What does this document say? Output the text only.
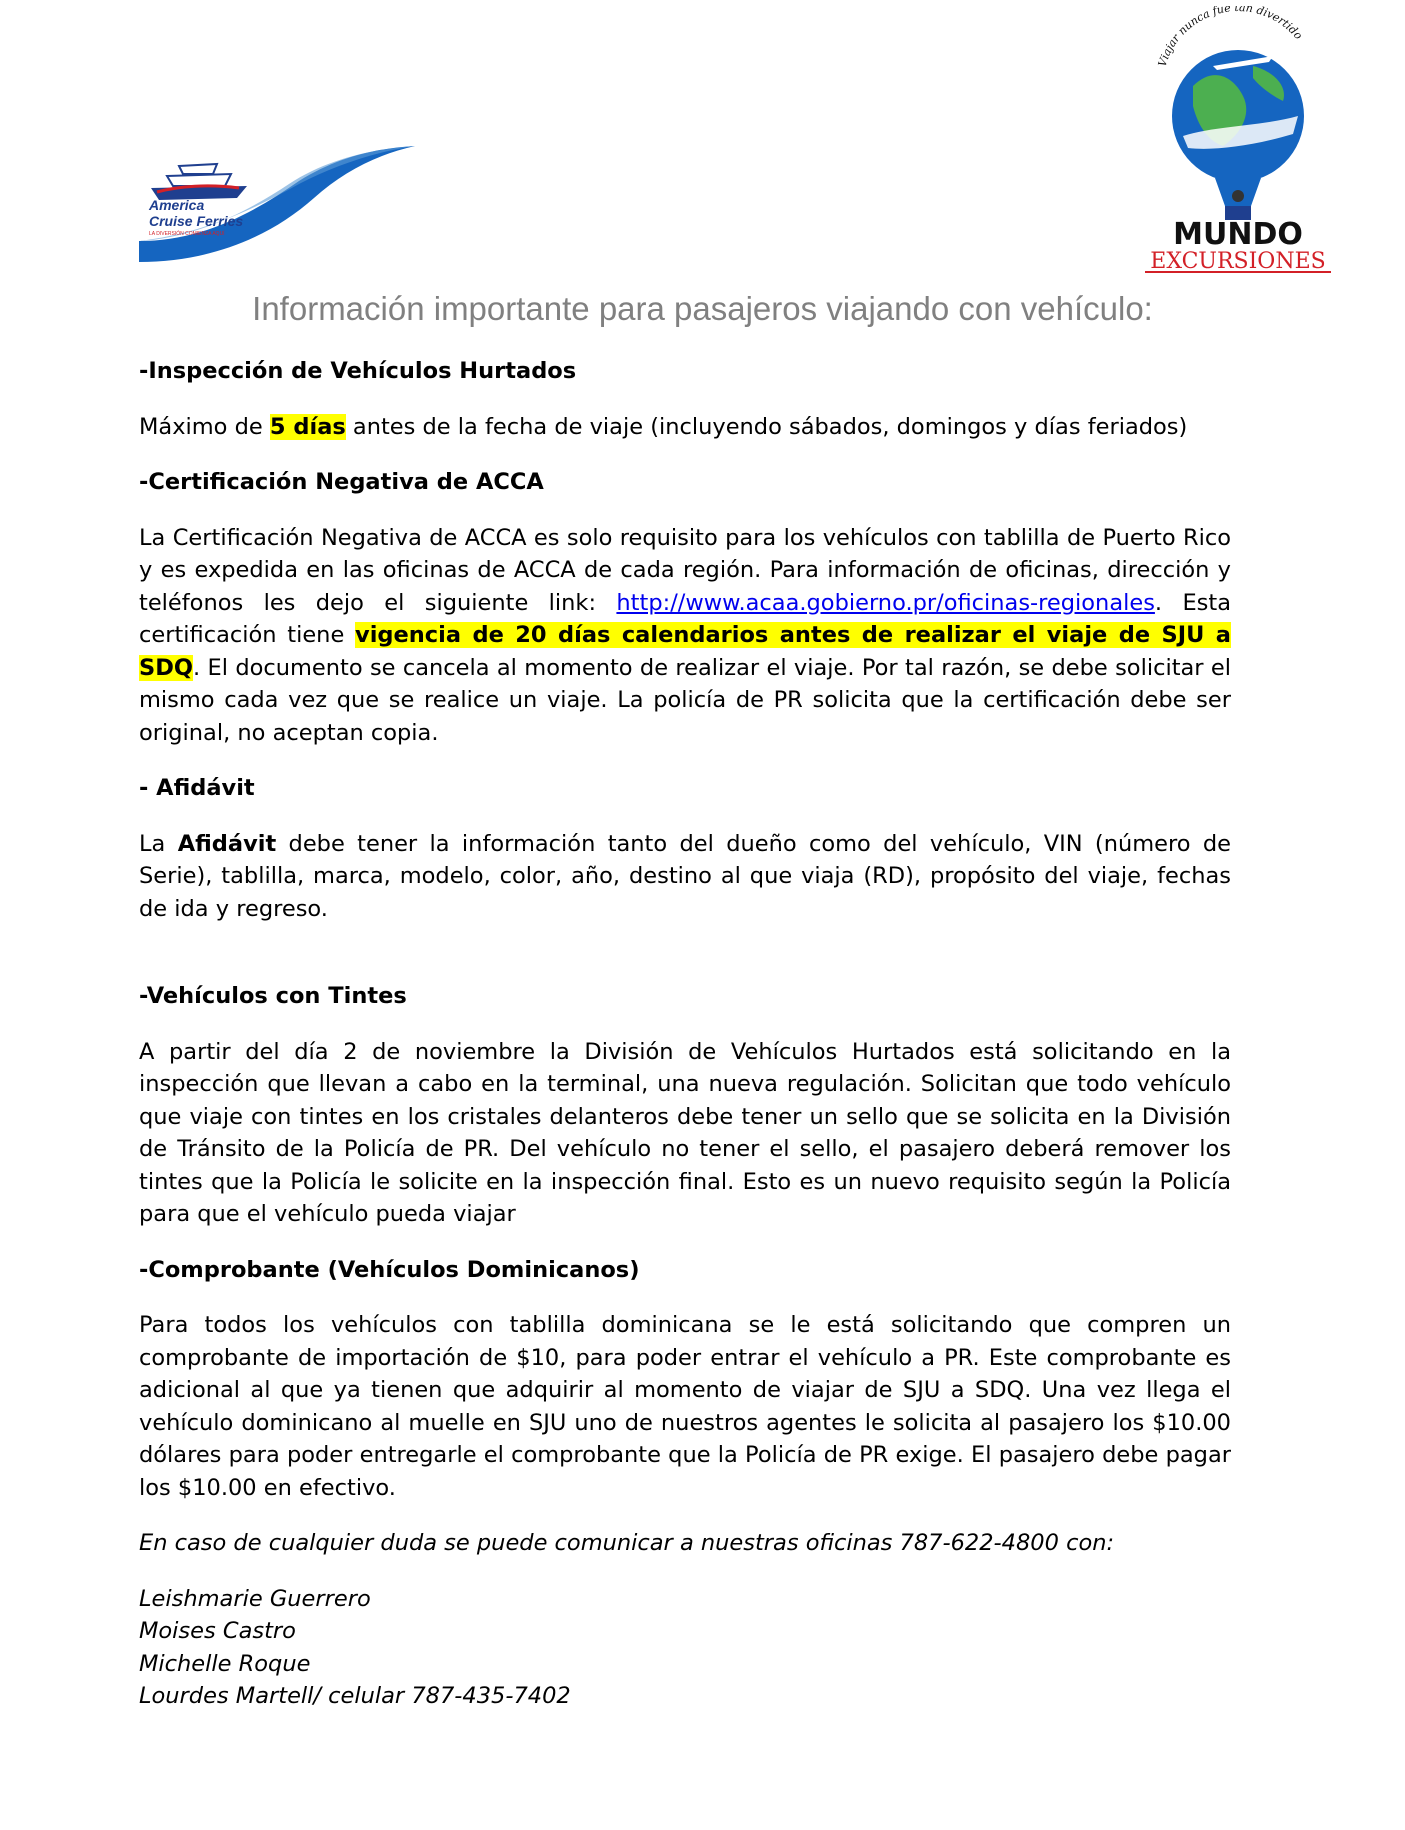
America
Cruise Ferries
LA DIVERSIÓN COMIENZA AQUÍ
Viajar nunca fué tan divertido
MUNDO
EXCURSIONES
Información importante para pasajeros viajando con vehículo:
-Inspección de Vehículos Hurtados

Máximo de 5 días antes de la fecha de viaje (incluyendo sábados, domingos y días feriados)

-Certificación Negativa de ACCA

La Certificación Negativa de ACCA es solo requisito para los vehículos con tablilla de Puerto Rico y es expedida en las oficinas de ACCA de cada región. Para información de oficinas, dirección y teléfonos les dejo el siguiente link: http://www.acaa.gobierno.pr/oficinas-regionales. Esta certificación tiene vigencia de 20 días calendarios antes de realizar el viaje de SJU a SDQ. El documento se cancela al momento de realizar el viaje. Por tal razón, se debe solicitar el mismo cada vez que se realice un viaje. La policía de PR solicita que la certificación debe ser original, no aceptan copia.

- Afidávit

La Afidávit debe tener la información tanto del dueño como del vehículo, VIN (número de Serie), tablilla, marca, modelo, color, año, destino al que viaja (RD), propósito del viaje, fechas de ida y regreso.

-Vehículos con Tintes

A partir del día 2 de noviembre la División de Vehículos Hurtados está solicitando en la inspección que llevan a cabo en la terminal, una nueva regulación. Solicitan que todo vehículo que viaje con tintes en los cristales delanteros debe tener un sello que se solicita en la División de Tránsito de la Policía de PR. Del vehículo no tener el sello, el pasajero deberá remover los tintes que la Policía le solicite en la inspección final. Esto es un nuevo requisito según la Policía para que el vehículo pueda viajar

-Comprobante (Vehículos Dominicanos)

Para todos los vehículos con tablilla dominicana se le está solicitando que compren un comprobante de importación de $10, para poder entrar el vehículo a PR. Este comprobante es adicional al que ya tienen que adquirir al momento de viajar de SJU a SDQ. Una vez llega el vehículo dominicano al muelle en SJU uno de nuestros agentes le solicita al pasajero los $10.00 dólares para poder entregarle el comprobante que la Policía de PR exige. El pasajero debe pagar los $10.00 en efectivo.

En caso de cualquier duda se puede comunicar a nuestras oficinas 787-622-4800 con:

Leishmarie Guerrero
Moises Castro
Michelle Roque
Lourdes Martell/ celular 787-435-7402
